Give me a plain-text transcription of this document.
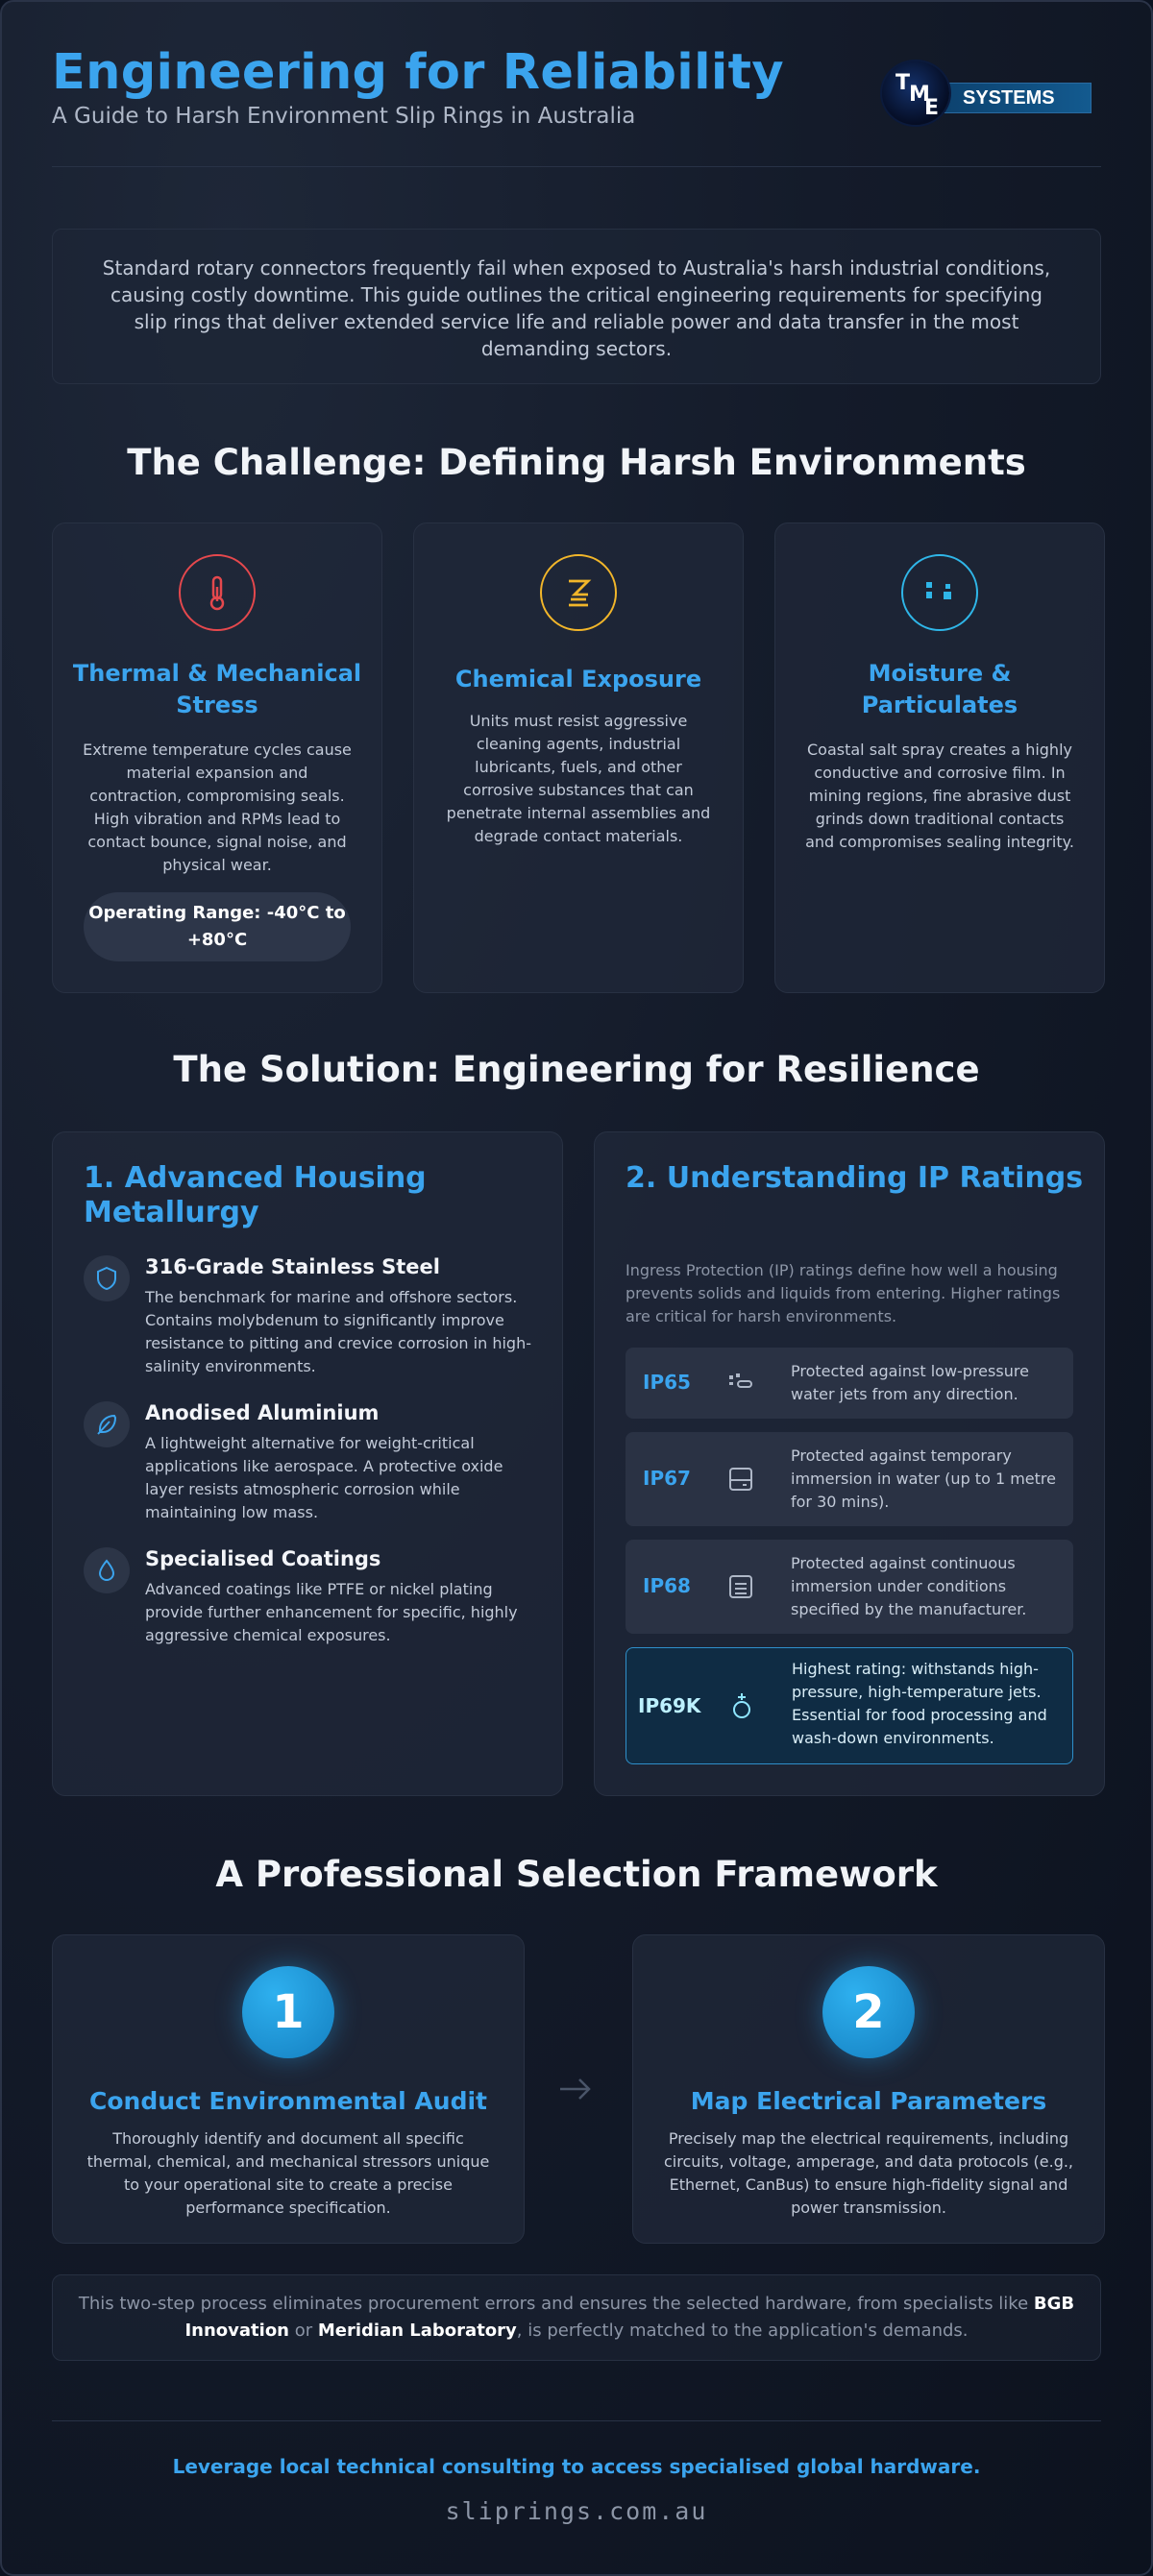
Engineering for Reliability
A Guide to Harsh Environment Slip Rings in Australia
T
M
E SYSTEMS
Standard rotary connectors frequently fail when exposed to Australia's harsh industrial conditions, causing costly downtime. This guide outlines the critical engineering requirements for specifying slip rings that deliver extended service life and reliable power and data transfer in the most demanding sectors.
The Challenge: Defining Harsh Environments
Thermal & Mechanical Stress
Extreme temperature cycles cause material expansion and contraction, compromising seals. High vibration and RPMs lead to contact bounce, signal noise, and physical wear.
Operating Range: -40°C to +80°C
Chemical Exposure
Units must resist aggressive cleaning agents, industrial lubricants, fuels, and other corrosive substances that can penetrate internal assemblies and degrade contact materials.
Moisture & Particulates
Coastal salt spray creates a highly conductive and corrosive film. In mining regions, fine abrasive dust grinds down traditional contacts and compromises sealing integrity.
The Solution: Engineering for Resilience
1. Advanced Housing Metallurgy
316-Grade Stainless Steel
The benchmark for marine and offshore sectors. Contains molybdenum to significantly improve resistance to pitting and crevice corrosion in high-salinity environments.
Anodised Aluminium
A lightweight alternative for weight-critical applications like aerospace. A protective oxide layer resists atmospheric corrosion while maintaining low mass.
Specialised Coatings
Advanced coatings like PTFE or nickel plating provide further enhancement for specific, highly aggressive chemical exposures.
2. Understanding IP Ratings
Ingress Protection (IP) ratings define how well a housing prevents solids and liquids from entering. Higher ratings are critical for harsh environments.
IP65	Protected against low-pressure water jets from any direction.
IP67
Protected against temporary immersion in water (up to 1 metre for 30 mins).
IP68
Protected against continuous immersion under conditions specified by the manufacturer.
IP69K
Highest rating: withstands high-pressure, high-temperature jets. Essential for food processing and wash-down environments.
A Professional Selection Framework
1
Conduct Environmental Audit
Thoroughly identify and document all specific thermal, chemical, and mechanical stressors unique to your operational site to create a precise performance specification.
2
Map Electrical Parameters
Precisely map the electrical requirements, including circuits, voltage, amperage, and data protocols (e.g., Ethernet, CanBus) to ensure high-fidelity signal and power transmission.
This two-step process eliminates procurement errors and ensures the selected hardware, from specialists like BGB Innovation or Meridian Laboratory, is perfectly matched to the application's demands.
Leverage local technical consulting to access specialised global hardware.
sliprings.com.au
